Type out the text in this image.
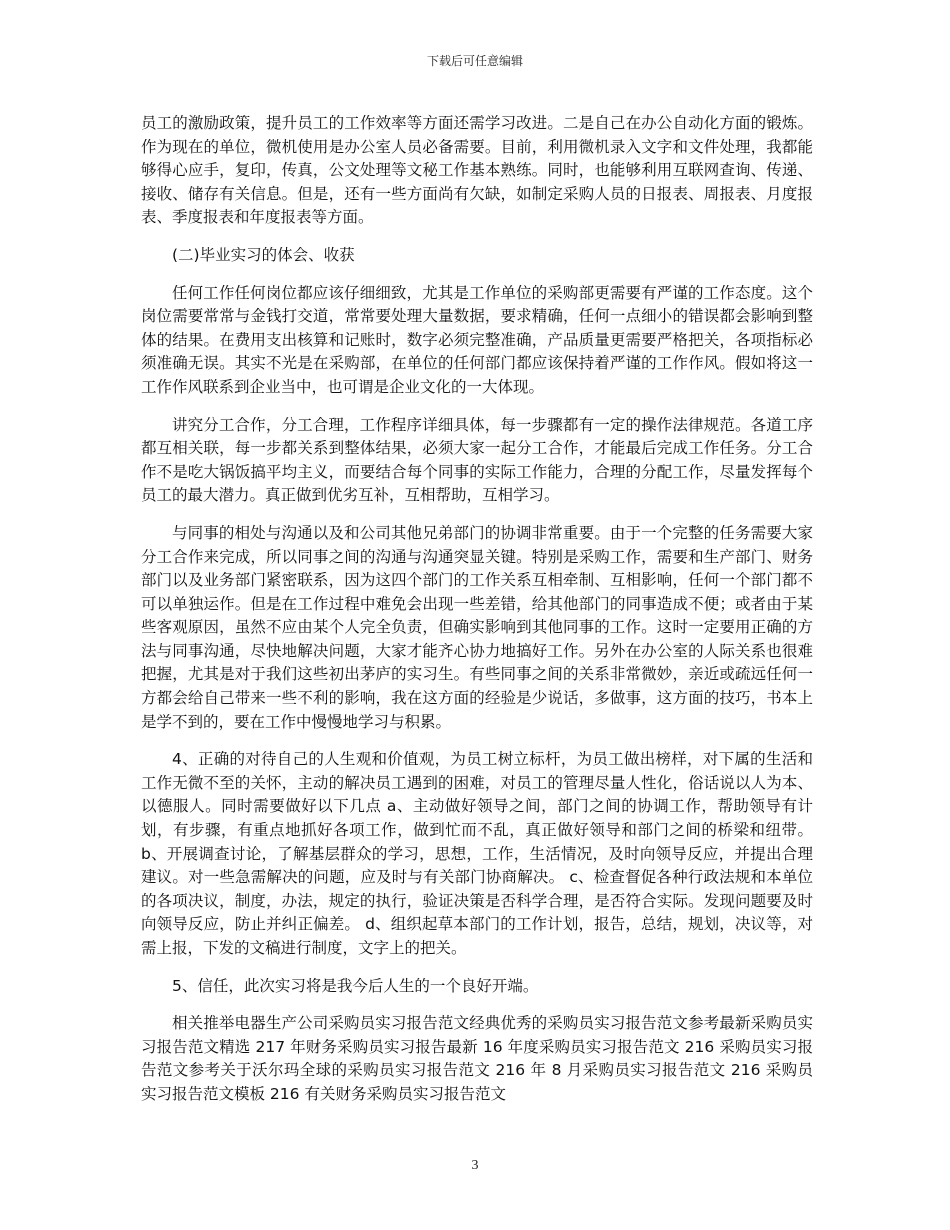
下载后可任意编辑

员工的激励政策，提升员工的工作效率等方面还需学习改进。二是自己在办公自动化方面的锻炼。作为现在的单位，微机使用是办公室人员必备需要。目前，利用微机录入文字和文件处理，我都能够得心应手，复印，传真，公文处理等文秘工作基本熟练。同时，也能够利用互联网查询、传递、接收、储存有关信息。但是，还有一些方面尚有欠缺，如制定采购人员的日报表、周报表、月度报表、季度报表和年度报表等方面。

(二)毕业实习的体会、收获

任何工作任何岗位都应该仔细细致，尤其是工作单位的采购部更需要有严谨的工作态度。这个岗位需要常常与金钱打交道，常常要处理大量数据，要求精确，任何一点细小的错误都会影响到整体的结果。在费用支出核算和记账时，数字必须完整准确，产品质量更需要严格把关，各项指标必须准确无误。其实不光是在采购部，在单位的任何部门都应该保持着严谨的工作作风。假如将这一工作作风联系到企业当中，也可谓是企业文化的一大体现。

讲究分工合作，分工合理，工作程序详细具体，每一步骤都有一定的操作法律规范。各道工序都互相关联，每一步都关系到整体结果，必须大家一起分工合作，才能最后完成工作任务。分工合作不是吃大锅饭搞平均主义，而要结合每个同事的实际工作能力，合理的分配工作，尽量发挥每个员工的最大潜力。真正做到优劣互补，互相帮助，互相学习。

与同事的相处与沟通以及和公司其他兄弟部门的协调非常重要。由于一个完整的任务需要大家分工合作来完成，所以同事之间的沟通与沟通突显关键。特别是采购工作，需要和生产部门、财务部门以及业务部门紧密联系，因为这四个部门的工作关系互相牵制、互相影响，任何一个部门都不可以单独运作。但是在工作过程中难免会出现一些差错，给其他部门的同事造成不便；或者由于某些客观原因，虽然不应由某个人完全负责，但确实影响到其他同事的工作。这时一定要用正确的方法与同事沟通，尽快地解决问题，大家才能齐心协力地搞好工作。另外在办公室的人际关系也很难把握，尤其是对于我们这些初出茅庐的实习生。有些同事之间的关系非常微妙，亲近或疏远任何一方都会给自己带来一些不利的影响，我在这方面的经验是少说话，多做事，这方面的技巧，书本上是学不到的，要在工作中慢慢地学习与积累。

4、正确的对待自己的人生观和价值观，为员工树立标杆，为员工做出榜样，对下属的生活和工作无微不至的关怀，主动的解决员工遇到的困难，对员工的管理尽量人性化，俗话说以人为本、以德服人。同时需要做好以下几点 a、主动做好领导之间，部门之间的协调工作，帮助领导有计划，有步骤，有重点地抓好各项工作，做到忙而不乱，真正做好领导和部门之间的桥梁和纽带。 b、开展调查讨论，了解基层群众的学习，思想，工作，生活情况，及时向领导反应，并提出合理建议。对一些急需解决的问题，应及时与有关部门协商解决。 c、检查督促各种行政法规和本单位的各项决议，制度，办法，规定的执行，验证决策是否科学合理，是否符合实际。发现问题要及时向领导反应，防止并纠正偏差。 d、组织起草本部门的工作计划，报告，总结，规划，决议等，对需上报，下发的文稿进行制度，文字上的把关。

5、信任，此次实习将是我今后人生的一个良好开端。

相关推举电器生产公司采购员实习报告范文经典优秀的采购员实习报告范文参考最新采购员实习报告范文精选 217 年财务采购员实习报告最新 16 年度采购员实习报告范文 216 采购员实习报告范文参考关于沃尔玛全球的采购员实习报告范文 216 年 8 月采购员实习报告范文 216 采购员实习报告范文模板 216 有关财务采购员实习报告范文

3
